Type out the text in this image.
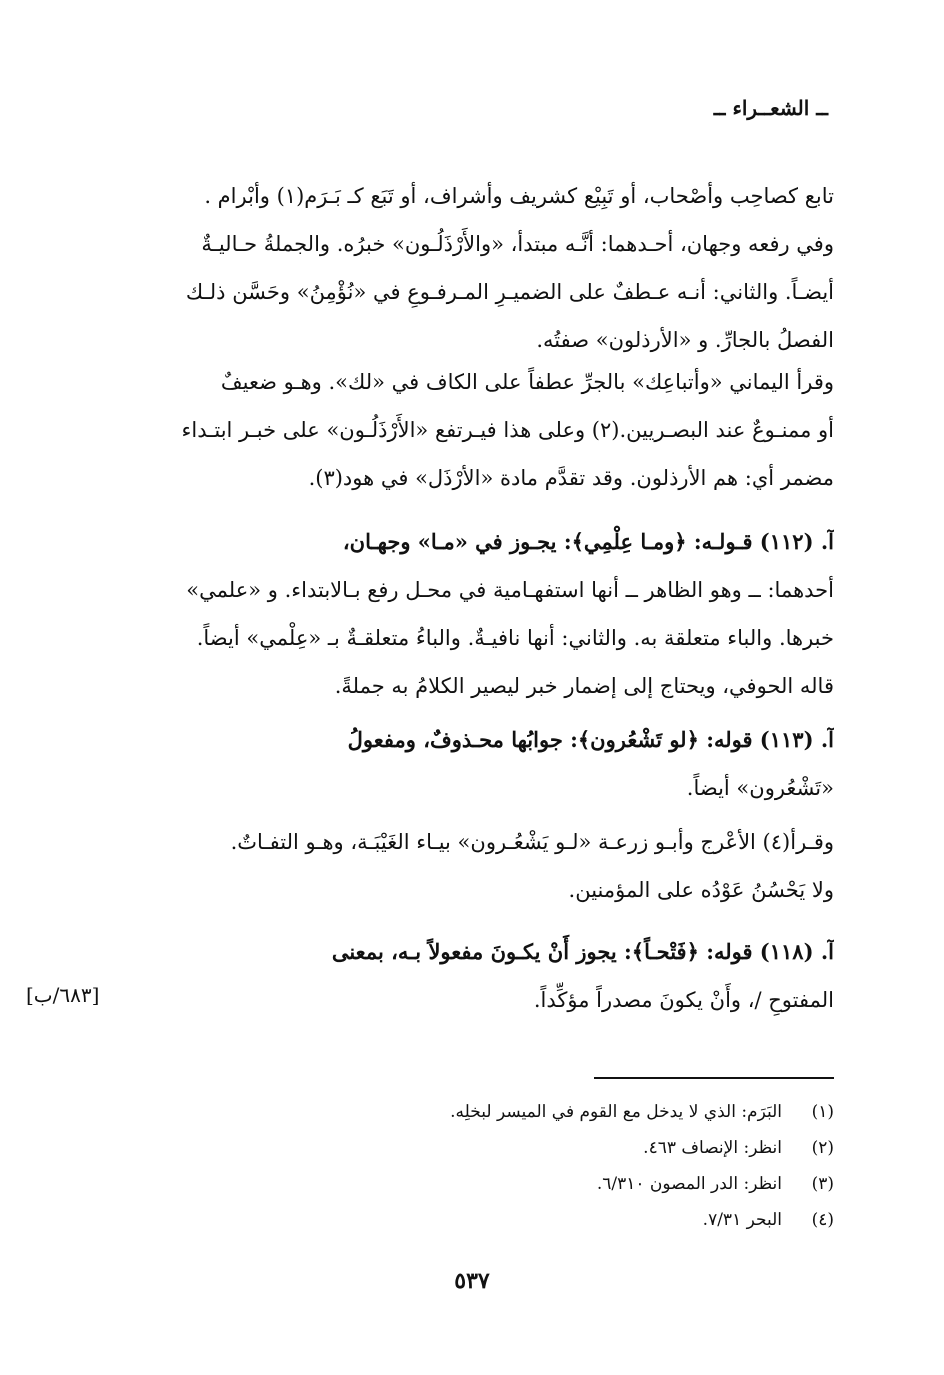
ــ الشعــراء ــ
تابع كصاحِب وأصْحاب، أو تَبِيْع كشريف وأشراف، أو تَبَع كـ بَـرَم(١) وأبْرام .
وفي رفعه وجهان، أحـدهما: أنَّـه مبتدأ، «والأَرْذَلُـون» خبرُه. والجملةُ حـاليـةٌ
أيضـاً. والثاني: أنـه عـطفٌ على الضميـرِ المـرفـوعِ في «نُؤْمِنُ» وحَسَّن ذلـك
الفصلُ بالجارِّ. و «الأرذلون» صفتُه.
وقرأ اليماني «وأتباعِك» بالجرِّ عطفاً على الكاف في «لك». وهـو ضعيفٌ
أو ممنـوعٌ عند البصـريين.(٢) وعلى هذا فيـرتفع «الأَرْذَلُـون» على خبـر ابتـداء
مضمر أي: هم الأرذلون. وقد تقدَّم مادة «الأرْذَل» في هود(٣).
آ. (١١٢) قـولـه: ﴿ومـا عِلْمِي﴾: يجـوز في «مـا» وجهـان،
أحدهما: ــ وهو الظاهر ــ أنها استفهـامية في محـل رفع بـالابتداء. و «علمي»
خبرها. والباء متعلقة به. والثاني: أنها نافيـةٌ. والباءُ متعلقـةٌ بـ «عِلْمي» أيضاً.
قاله الحوفي، ويحتاج إلى إضمار خبر ليصير الكلامُ به جملةً.
آ. (١١٣) قوله: ﴿لو تَشْعُرون﴾: جوابُها محـذوفٌ، ومفعولُ
«تَشْعُرون» أيضاً.
وقـرأ(٤) الأعْرج وأبـو زرعـة «لـو يَشْعُـرون» بيـاء الغَيْبَـة، وهـو التفـاتٌ.
ولا يَحْسُنُ عَوْدُه على المؤمنين.
آ. (١١٨) قوله: ﴿فَتْحـاً﴾: يجوز أَنْ يكـونَ مفعولاً بـه، بمعنى
المفتوحِ /، وأَنْ يكونَ مصدراً مؤكِّداً.
[٦٨٣/ب]
(١)
البَرَم: الذي لا يدخل مع القوم في الميسر لبخلِه.
(٢)
انظر: الإنصاف ٤٦٣.
(٣)
انظر: الدر المصون ٦/٣١٠.
(٤)
البحر ٧/٣١.
٥٣٧
